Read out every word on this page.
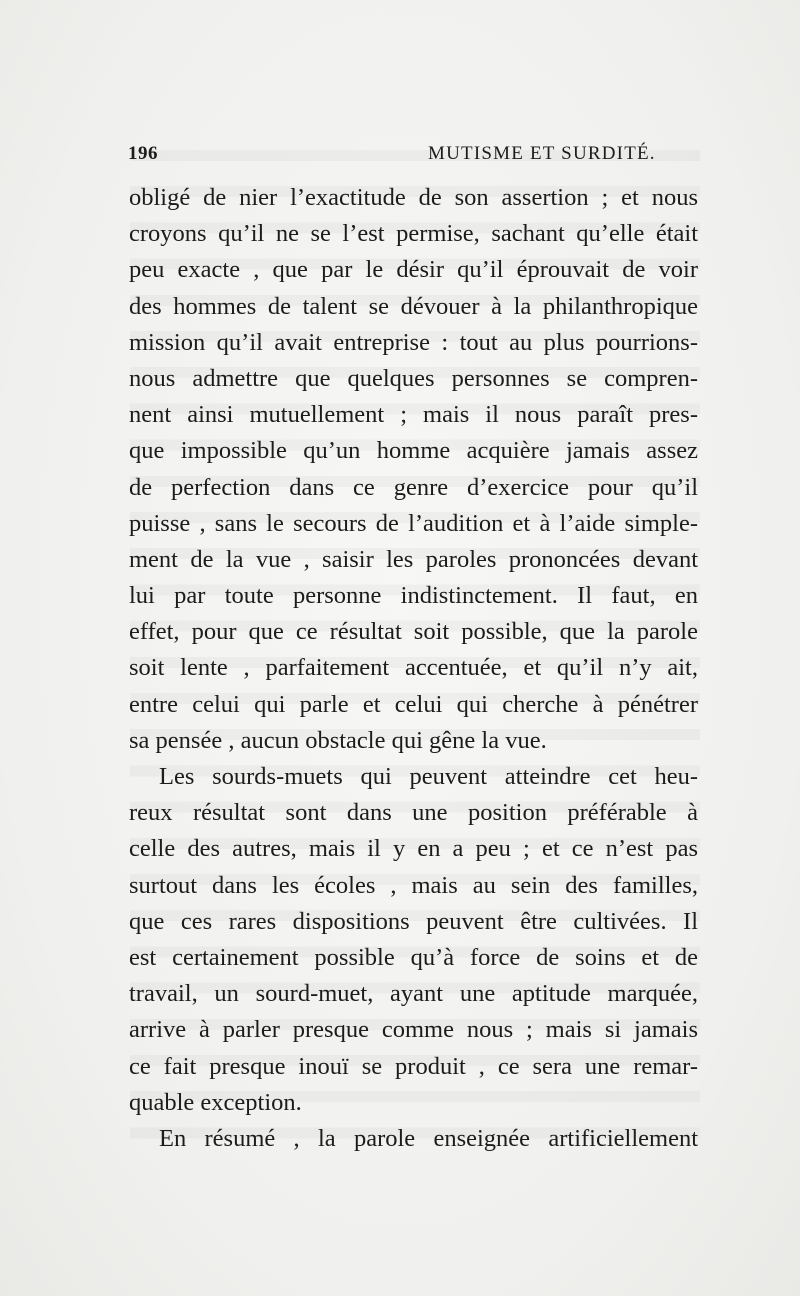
196	MUTISME ET SURDITÉ.
obligé de nier l’exactitude de son assertion ; et nous
croyons qu’il ne se l’est permise, sachant qu’elle était
peu exacte , que par le désir qu’il éprouvait de voir
des hommes de talent se dévouer à la philanthropique
mission qu’il avait entreprise : tout au plus pourrions-
nous admettre que quelques personnes se compren-
nent ainsi mutuellement ; mais il nous paraît pres-
que impossible qu’un homme acquière jamais assez
de perfection dans ce genre d’exercice pour qu’il
puisse , sans le secours de l’audition et à l’aide simple-
ment de la vue , saisir les paroles prononcées devant
lui par toute personne indistinctement. Il faut, en
effet, pour que ce résultat soit possible, que la parole
soit lente , parfaitement accentuée, et qu’il n’y ait,
entre celui qui parle et celui qui cherche à pénétrer
sa pensée , aucun obstacle qui gêne la vue.
Les sourds-muets qui peuvent atteindre cet heu-
reux résultat sont dans une position préférable à
celle des autres, mais il y en a peu ; et ce n’est pas
surtout dans les écoles , mais au sein des familles,
que ces rares dispositions peuvent être cultivées. Il
est certainement possible qu’à force de soins et de
travail, un sourd-muet, ayant une aptitude marquée,
arrive à parler presque comme nous ; mais si jamais
ce fait presque inouï se produit , ce sera une remar-
quable exception.
En résumé , la parole enseignée artificiellement
